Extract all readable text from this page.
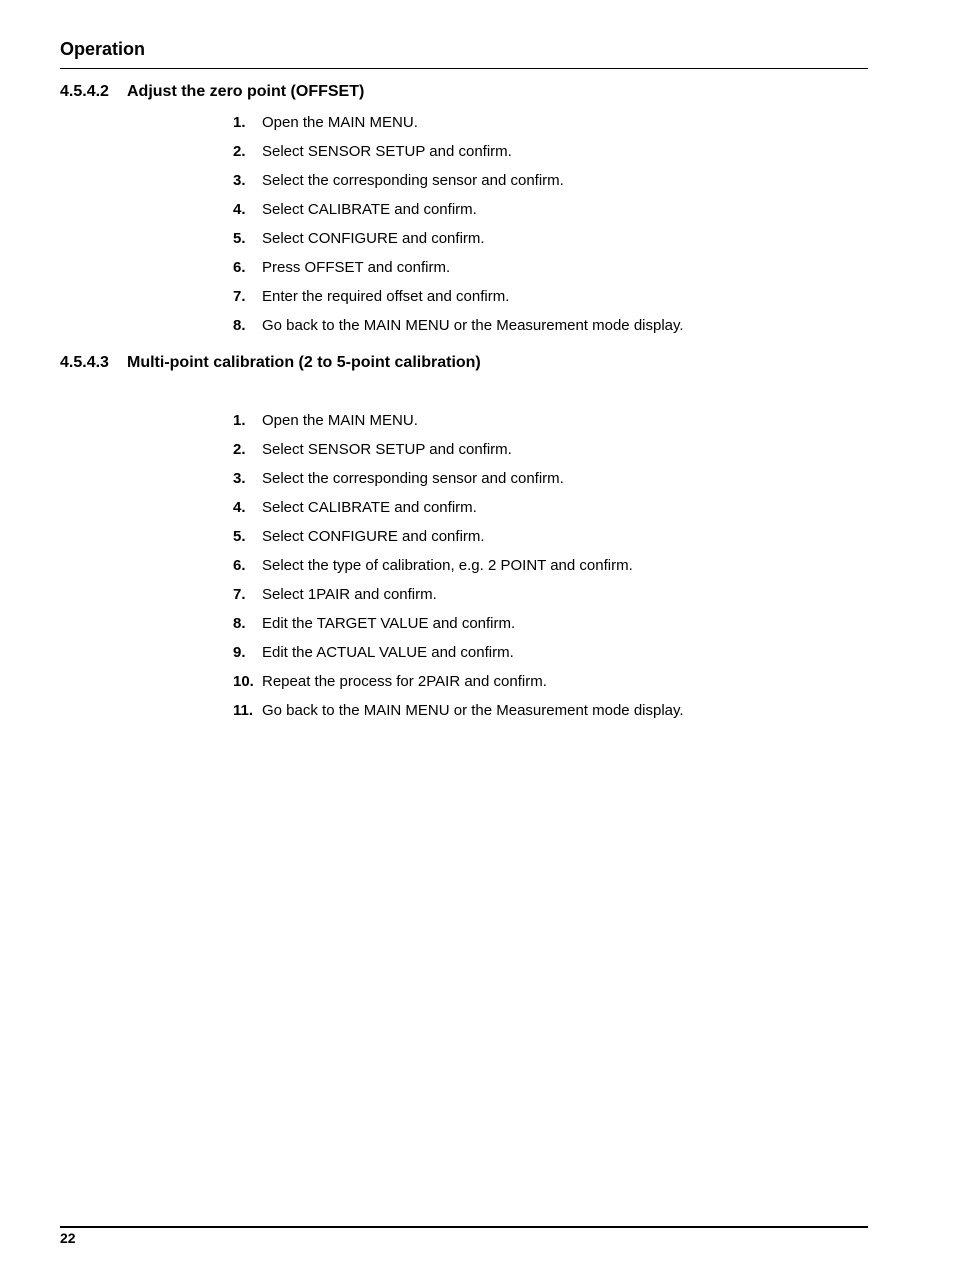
Operation
4.5.4.2 Adjust the zero point (OFFSET)
1. Open the MAIN MENU.
2. Select SENSOR SETUP and confirm.
3. Select the corresponding sensor and confirm.
4. Select CALIBRATE and confirm.
5. Select CONFIGURE and confirm.
6. Press OFFSET and confirm.
7. Enter the required offset and confirm.
8. Go back to the MAIN MENU or the Measurement mode display.
4.5.4.3 Multi-point calibration (2 to 5-point calibration)
1. Open the MAIN MENU.
2. Select SENSOR SETUP and confirm.
3. Select the corresponding sensor and confirm.
4. Select CALIBRATE and confirm.
5. Select CONFIGURE and confirm.
6. Select the type of calibration, e.g. 2 POINT and confirm.
7. Select 1PAIR and confirm.
8. Edit the TARGET VALUE and confirm.
9. Edit the ACTUAL VALUE and confirm.
10. Repeat the process for 2PAIR and confirm.
11. Go back to the MAIN MENU or the Measurement mode display.
22
